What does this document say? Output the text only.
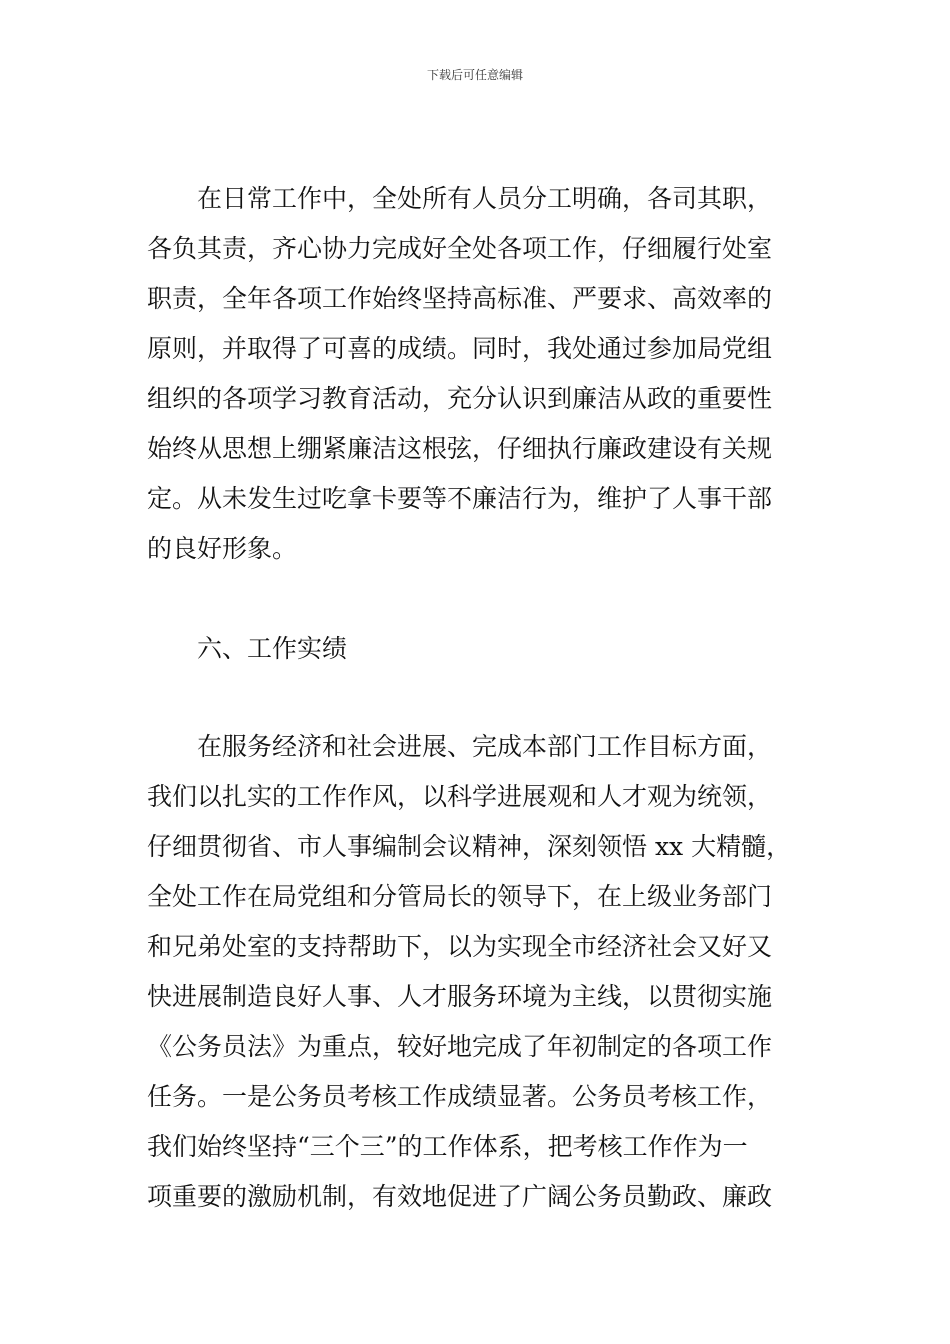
下载后可任意编辑
在日常工作中，全处所有人员分工明确，各司其职，
各负其责，齐心协力完成好全处各项工作，仔细履行处室
职责，全年各项工作始终坚持高标准、严要求、高效率的
原则，并取得了可喜的成绩。同时，我处通过参加局党组
组织的各项学习教育活动，充分认识到廉洁从政的重要性
始终从思想上绷紧廉洁这根弦，仔细执行廉政建设有关规
定。从未发生过吃拿卡要等不廉洁行为，维护了人事干部
的良好形象。
六、工作实绩
在服务经济和社会进展、完成本部门工作目标方面，
我们以扎实的工作作风，以科学进展观和人才观为统领，
仔细贯彻省、市人事编制会议精神，深刻领悟 xx 大精髓，
全处工作在局党组和分管局长的领导下，在上级业务部门
和兄弟处室的支持帮助下，以为实现全市经济社会又好又
快进展制造良好人事、人才服务环境为主线，以贯彻实施
《公务员法》为重点，较好地完成了年初制定的各项工作
任务。一是公务员考核工作成绩显著。公务员考核工作，
我们始终坚持“三个三”的工作体系，把考核工作作为一
项重要的激励机制，有效地促进了广阔公务员勤政、廉政
